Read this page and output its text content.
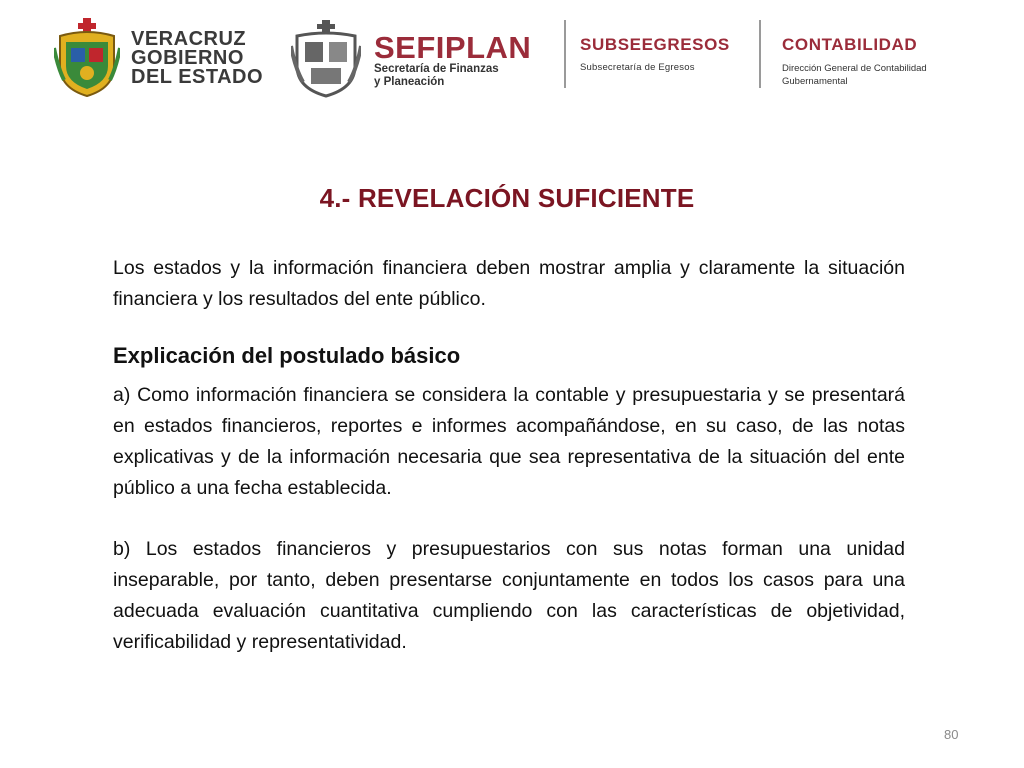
VERACRUZ
GOBIERNO
DEL ESTADO
SEFIPLAN
Secretaría de Finanzas
y Planeación
SUBSEEGRESOS
Subsecretaría de Egresos
CONTABILIDAD
Dirección General de Contabilidad
Gubernamental
4.- REVELACIÓN SUFICIENTE
Los estados y la información financiera deben mostrar amplia y claramente la situación financiera y los resultados del ente público.
Explicación del postulado básico
a) Como información financiera se considera la contable y presupuestaria y se presentará en estados financieros, reportes e informes acompañándose, en su caso, de las notas explicativas y de la información necesaria que sea representativa de la situación del ente público a una fecha establecida.
b) Los estados financieros y presupuestarios con sus notas forman una unidad inseparable, por tanto, deben presentarse conjuntamente en todos los casos para una adecuada evaluación cuantitativa cumpliendo con las características de objetividad, verificabilidad y representatividad.
80
